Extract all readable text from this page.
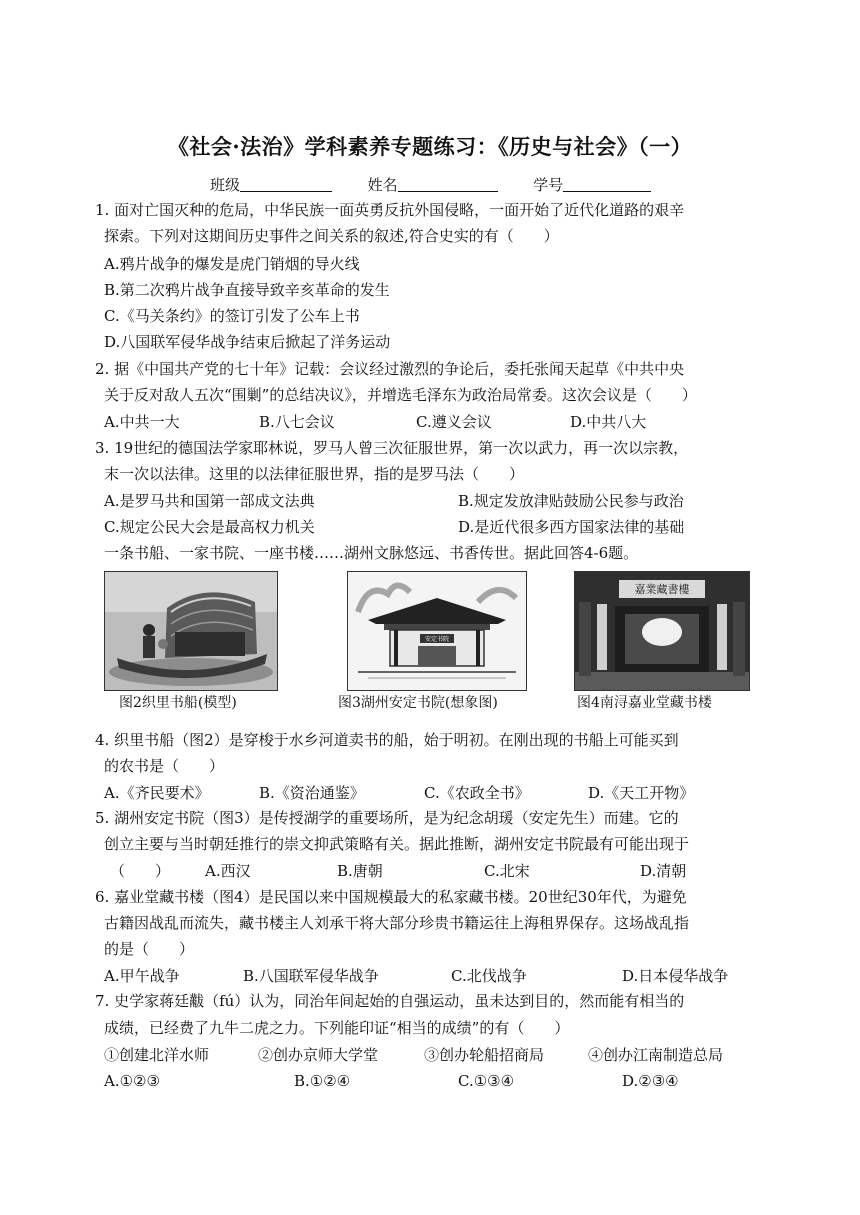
《社会·法治》学科素养专题练习：《历史与社会》（一）
班级	姓名	学号
1. 面对亡国灭种的危局，中华民族一面英勇反抗外国侵略，一面开始了近代化道路的艰辛
探索。下列对这期间历史事件之间关系的叙述,符合史实的有（　　）
A.鸦片战争的爆发是虎门销烟的导火线
B.第二次鸦片战争直接导致辛亥革命的发生
C.《马关条约》的签订引发了公车上书
D.八国联军侵华战争结束后掀起了洋务运动
2. 据《中国共产党的七十年》记载：会议经过激烈的争论后，委托张闻天起草《中共中央
关于反对敌人五次“围剿”的总结决议》，并增选毛泽东为政治局常委。这次会议是（　　）
A.中共一大	B.八七会议	C.遵义会议	D.中共八大
3. 19世纪的德国法学家耶林说，罗马人曾三次征服世界，第一次以武力，再一次以宗教，
末一次以法律。这里的以法律征服世界，指的是罗马法（　　）
A.是罗马共和国第一部成文法典	B.规定发放津贴鼓励公民参与政治
C.规定公民大会是最高权力机关	D.是近代很多西方国家法律的基础
一条书船、一家书院、一座书楼……湖州文脉悠远、书香传世。据此回答4-6题。
安定书院
嘉業藏書樓
图2织里书船(模型)	图3湖州安定书院(想象图)	图4南浔嘉业堂藏书楼
4. 织里书船（图2）是穿梭于水乡河道卖书的船，始于明初。在刚出现的书船上可能买到
的农书是（　　）
A.《齐民要术》	B.《资治通鉴》	C.《农政全书》	D.《天工开物》
5. 湖州安定书院（图3）是传授湖学的重要场所，是为纪念胡瑗（安定先生）而建。它的
创立主要与当时朝廷推行的崇文抑武策略有关。据此推断，湖州安定书院最有可能出现于
（　　） A.西汉	B.唐朝	C.北宋	D.清朝
6. 嘉业堂藏书楼（图4）是民国以来中国规模最大的私家藏书楼。20世纪30年代，为避免
古籍因战乱而流失，藏书楼主人刘承干将大部分珍贵书籍运往上海租界保存。这场战乱指
的是（　　）
A.甲午战争	B.八国联军侵华战争	C.北伐战争	D.日本侵华战争
7. 史学家蒋廷黻（fú）认为，同治年间起始的自强运动，虽未达到目的，然而能有相当的
成绩，已经费了九牛二虎之力。下列能印证“相当的成绩”的有（　　）
①创建北洋水师	②创办京师大学堂	③创办轮船招商局	④创办江南制造总局
A.①②③	B.①②④	C.①③④	D.②③④
